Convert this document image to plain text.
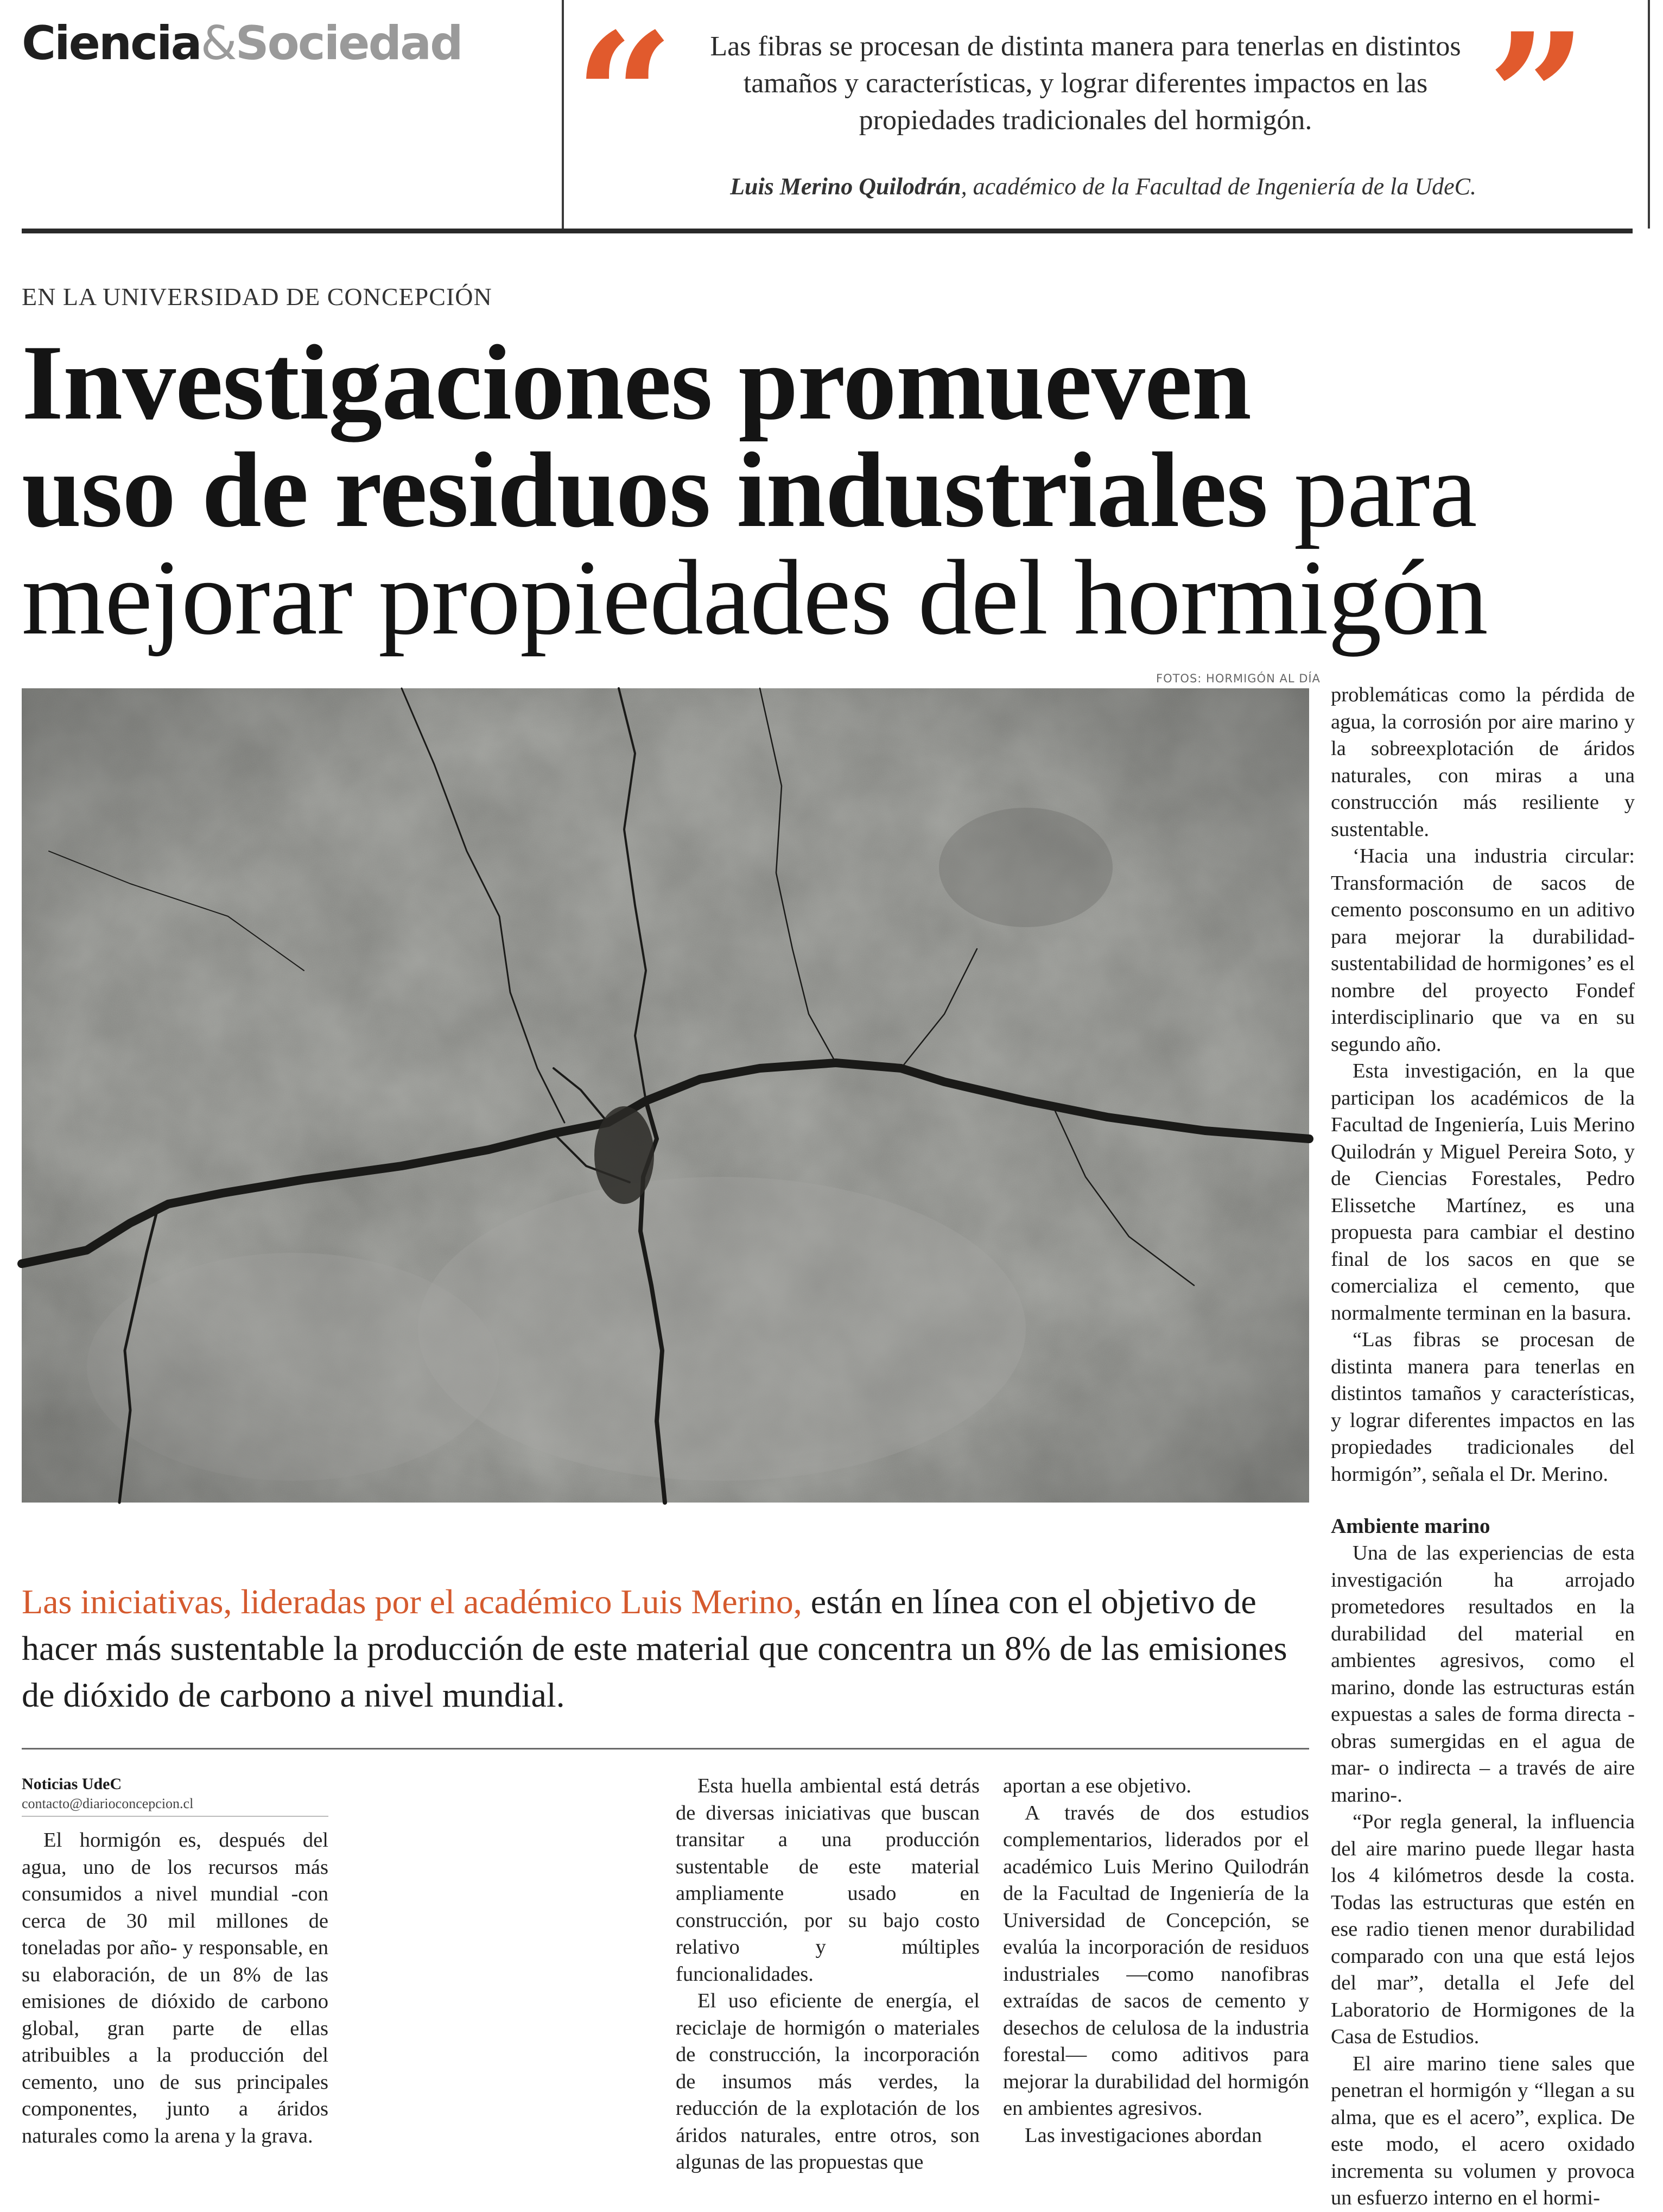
Ciencia&Sociedad “	Las fibras se procesan de distinta manera para tenerlas en distintos tamaños y características, y lograr diferentes impactos en las propiedades tradicionales del hormigón.	”
Luis Merino Quilodrán, académico de la Facultad de Ingeniería de la UdeC.
EN LA UNIVERSIDAD DE CONCEPCIÓN
Investigaciones promueven
uso de residuos industriales para
mejorar propiedades del hormigón
FOTOS: HORMIGÓN AL DÍA

Las iniciativas, lideradas por el académico Luis Merino, están en línea con el objetivo de hacer más sustentable la producción de este material que concentra un 8% de las emisiones de dióxido de carbono a nivel mundial.

Noticias UdeC
contacto@diarioconcepcion.cl

El hormigón es, después del agua, uno de los recursos más consumidos a nivel mundial -con cerca de 30 mil millones de toneladas por año- y responsable, en su elaboración, de un 8% de las emisiones de dióxido de carbono global, gran parte de ellas atribuibles a la producción del cemento, uno de sus principales componentes, junto a áridos naturales como la arena y la grava.

Esta huella ambiental está detrás de diversas iniciativas que buscan transitar a una producción sustentable de este material ampliamente usado en construcción, por su bajo costo relativo y múltiples funcionalidades.

El uso eficiente de energía, el reciclaje de hormigón o materiales de construcción, la incorporación de insumos más verdes, la reducción de la explotación de los áridos naturales, entre otros, son algunas de las propuestas que

aportan a ese objetivo.

A través de dos estudios complementarios, liderados por el académico Luis Merino Quilodrán de la Facultad de Ingeniería de la Universidad de Concepción, se evalúa la incorporación de residuos industriales —como nanofibras extraídas de sacos de cemento y desechos de celulosa de la industria forestal— como aditivos para mejorar la durabilidad del hormigón en ambientes agresivos.

Las investigaciones abordan

problemáticas como la pérdida de agua, la corrosión por aire marino y la sobreexplotación de áridos naturales, con miras a una construcción más resiliente y sustentable.

‘Hacia una industria circular: Transformación de sacos de cemento posconsumo en un aditivo para mejorar la durabilidad-sustentabilidad de hormigones’ es el nombre del proyecto Fondef interdisciplinario que va en su segundo año.

Esta investigación, en la que participan los académicos de la Facultad de Ingeniería, Luis Merino Quilodrán y Miguel Pereira Soto, y de Ciencias Forestales, Pedro Elissetche Martínez, es una propuesta para cambiar el destino final de los sacos en que se comercializa el cemento, que normalmente terminan en la basura.

“Las fibras se procesan de distinta manera para tenerlas en distintos tamaños y características, y lograr diferentes impactos en las propiedades tradicionales del hormigón”, señala el Dr. Merino.

Ambiente marino

Una de las experiencias de esta investigación ha arrojado prometedores resultados en la durabilidad del material en ambientes agresivos, como el marino, donde las estructuras están expuestas a sales de forma directa -obras sumergidas en el agua de mar- o indirecta – a través de aire marino-.

“Por regla general, la influencia del aire marino puede llegar hasta los 4 kilómetros desde la costa. Todas las estructuras que estén en ese radio tienen menor durabilidad comparado con una que está lejos del mar”, detalla el Jefe del Laboratorio de Hormigones de la Casa de Estudios.

El aire marino tiene sales que penetran el hormigón y “llegan a su alma, que es el acero”, explica. De este modo, el acero oxidado incrementa su volumen y provoca un esfuerzo interno en el hormi-
